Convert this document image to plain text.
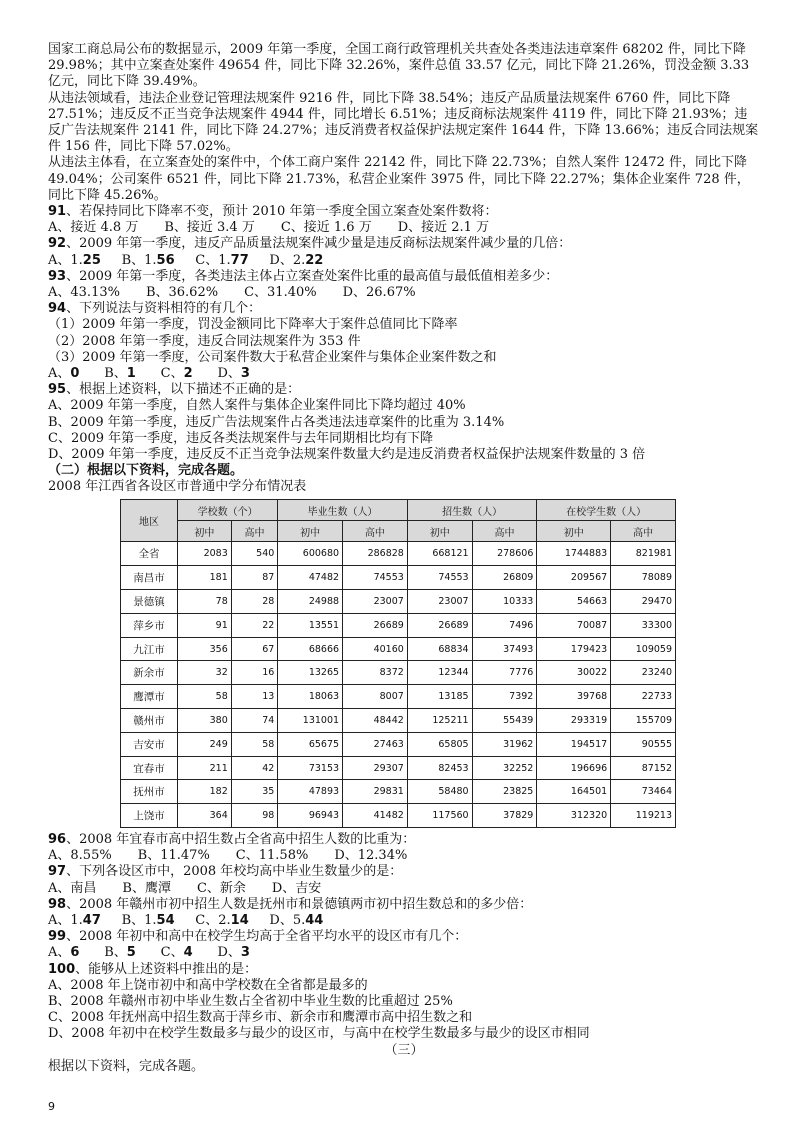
国家工商总局公布的数据显示，2009 年第一季度，全国工商行政管理机关共查处各类违法违章案件 68202 件，同比下降 29.98%；其中立案查处案件 49654 件，同比下降 32.26%，案件总值 33.57 亿元，同比下降 21.26%，罚没金额 3.33 亿元，同比下降 39.49%。

从违法领域看，违法企业登记管理法规案件 9216 件，同比下降 38.54%；违反产品质量法规案件 6760 件，同比下降 27.51%；违反反不正当竞争法规案件 4944 件，同比增长 6.51%；违反商标法规案件 4119 件，同比下降 21.93%；违反广告法规案件 2141 件，同比下降 24.27%；违反消费者权益保护法规定案件 1644 件，下降 13.66%；违反合同法规案件 156 件，同比下降 57.02%。

从违法主体看，在立案查处的案件中，个体工商户案件 22142 件，同比下降 22.73%；自然人案件 12472 件，同比下降 49.04%；公司案件 6521 件，同比下降 21.73%，私营企业案件 3975 件，同比下降 22.27%；集体企业案件 728 件，同比下降 45.26%。

91、若保持同比下降率不变，预计 2010 年第一季度全国立案查处案件数将：

A、接近 4.8 万　　B、接近 3.4 万　　C、接近 1.6 万　　D、接近 2.1 万

92、2009 年第一季度，违反产品质量法规案件减少量是违反商标法规案件减少量的几倍：

A、1.25 B、1.56 C、1.77 D、2.22

93、2009 年第一季度，各类违法主体占立案查处案件比重的最高值与最低值相差多少：

A、43.13%　　B、36.62%　　C、31.40%　　D、26.67%

94、下列说法与资料相符的有几个：

（1）2009 年第一季度，罚没金额同比下降率大于案件总值同比下降率

（2）2008 年第一季度，违反合同法规案件为 353 件

（3）2009 年第一季度，公司案件数大于私营企业案件与集体企业案件数之和

A、0 B、1 C、2 D、3

95、根据上述资料，以下描述不正确的是：

A、2009 年第一季度，自然人案件与集体企业案件同比下降均超过 40%

B、2009 年第一季度，违反广告法规案件占各类违法违章案件的比重为 3.14%

C、2009 年第一季度，违反各类法规案件与去年同期相比均有下降

D、2009 年第一季度，违反反不正当竞争法规案件数量大约是违反消费者权益保护法规案件数量的 3 倍

（二）根据以下资料，完成各题。

2008 年江西省各设区市普通中学分布情况表

地区	学校数（个）		毕业生数（人）		招生数（人）		在校学生数（人）	
	初中	高中	初中	高中	初中	高中	初中	高中
全省	2083	540	600680	286828	668121	278606	1744883	821981
南昌市	181	87	47482	74553	74553	26809	209567	78089
景德镇	78	28	24988	23007	23007	10333	54663	29470
萍乡市	91	22	13551	26689	26689	7496	70087	33300
九江市	356	67	68666	40160	68834	37493	179423	109059
新余市	32	16	13265	8372	12344	7776	30022	23240
鹰潭市	58	13	18063	8007	13185	7392	39768	22733
赣州市	380	74	131001	48442	125211	55439	293319	155709
吉安市	249	58	65675	27463	65805	31962	194517	90555
宜春市	211	42	73153	29307	82453	32252	196696	87152
抚州市	182	35	47893	29831	58480	23825	164501	73464
上饶市	364	98	96943	41482	117560	37829	312320	119213

96、2008 年宜春市高中招生数占全省高中招生人数的比重为：

A、8.55%　　B、11.47%　　C、11.58%　　D、12.34%

97、下列各设区市中，2008 年校均高中毕业生数量少的是：

A、南昌　　B、鹰潭　　C、新余　　D、吉安

98、2008 年赣州市初中招生人数是抚州市和景德镇两市初中招生数总和的多少倍：

A、1.47 B、1.54 C、2.14 D、5.44

99、2008 年初中和高中在校学生均高于全省平均水平的设区市有几个：

A、6 B、5 C、4 D、3

100、能够从上述资料中推出的是：

A、2008 年上饶市初中和高中学校数在全省都是最多的

B、2008 年赣州市初中毕业生数占全省初中毕业生数的比重超过 25%

C、2008 年抚州高中招生数高于萍乡市、新余市和鹰潭市高中招生数之和

D、2008 年初中在校学生数最多与最少的设区市，与高中在校学生数最多与最少的设区市相同

（三）

根据以下资料，完成各题。

9
